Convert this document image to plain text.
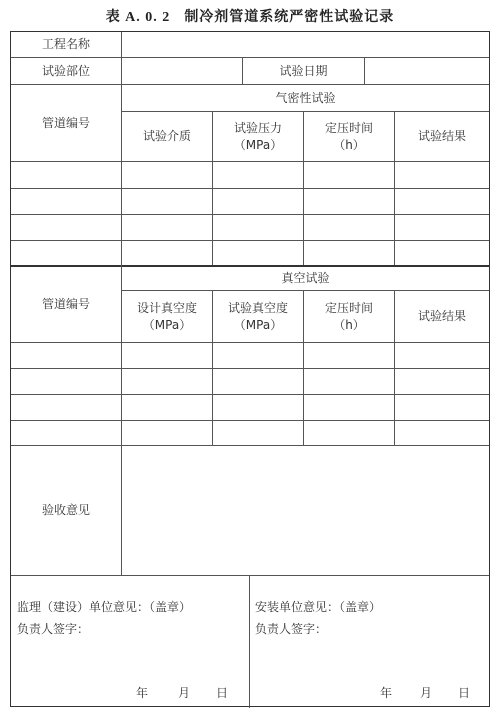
表 A. 0. 2 制冷剂管道系统严密性试验记录
工程名称
试验部位	试验日期
管道编号
气密性试验
试验介质
试验压力
（MPa）
定压时间
（h）
试验结果
管道编号
真空试验
设计真空度
（MPa）
试验真空度
（MPa）
定压时间
（h）
试验结果
验收意见
监理（建设）单位意见：（盖章）
负责人签字：
年 月 日
安装单位意见：（盖章）
负责人签字：
年 月 日
